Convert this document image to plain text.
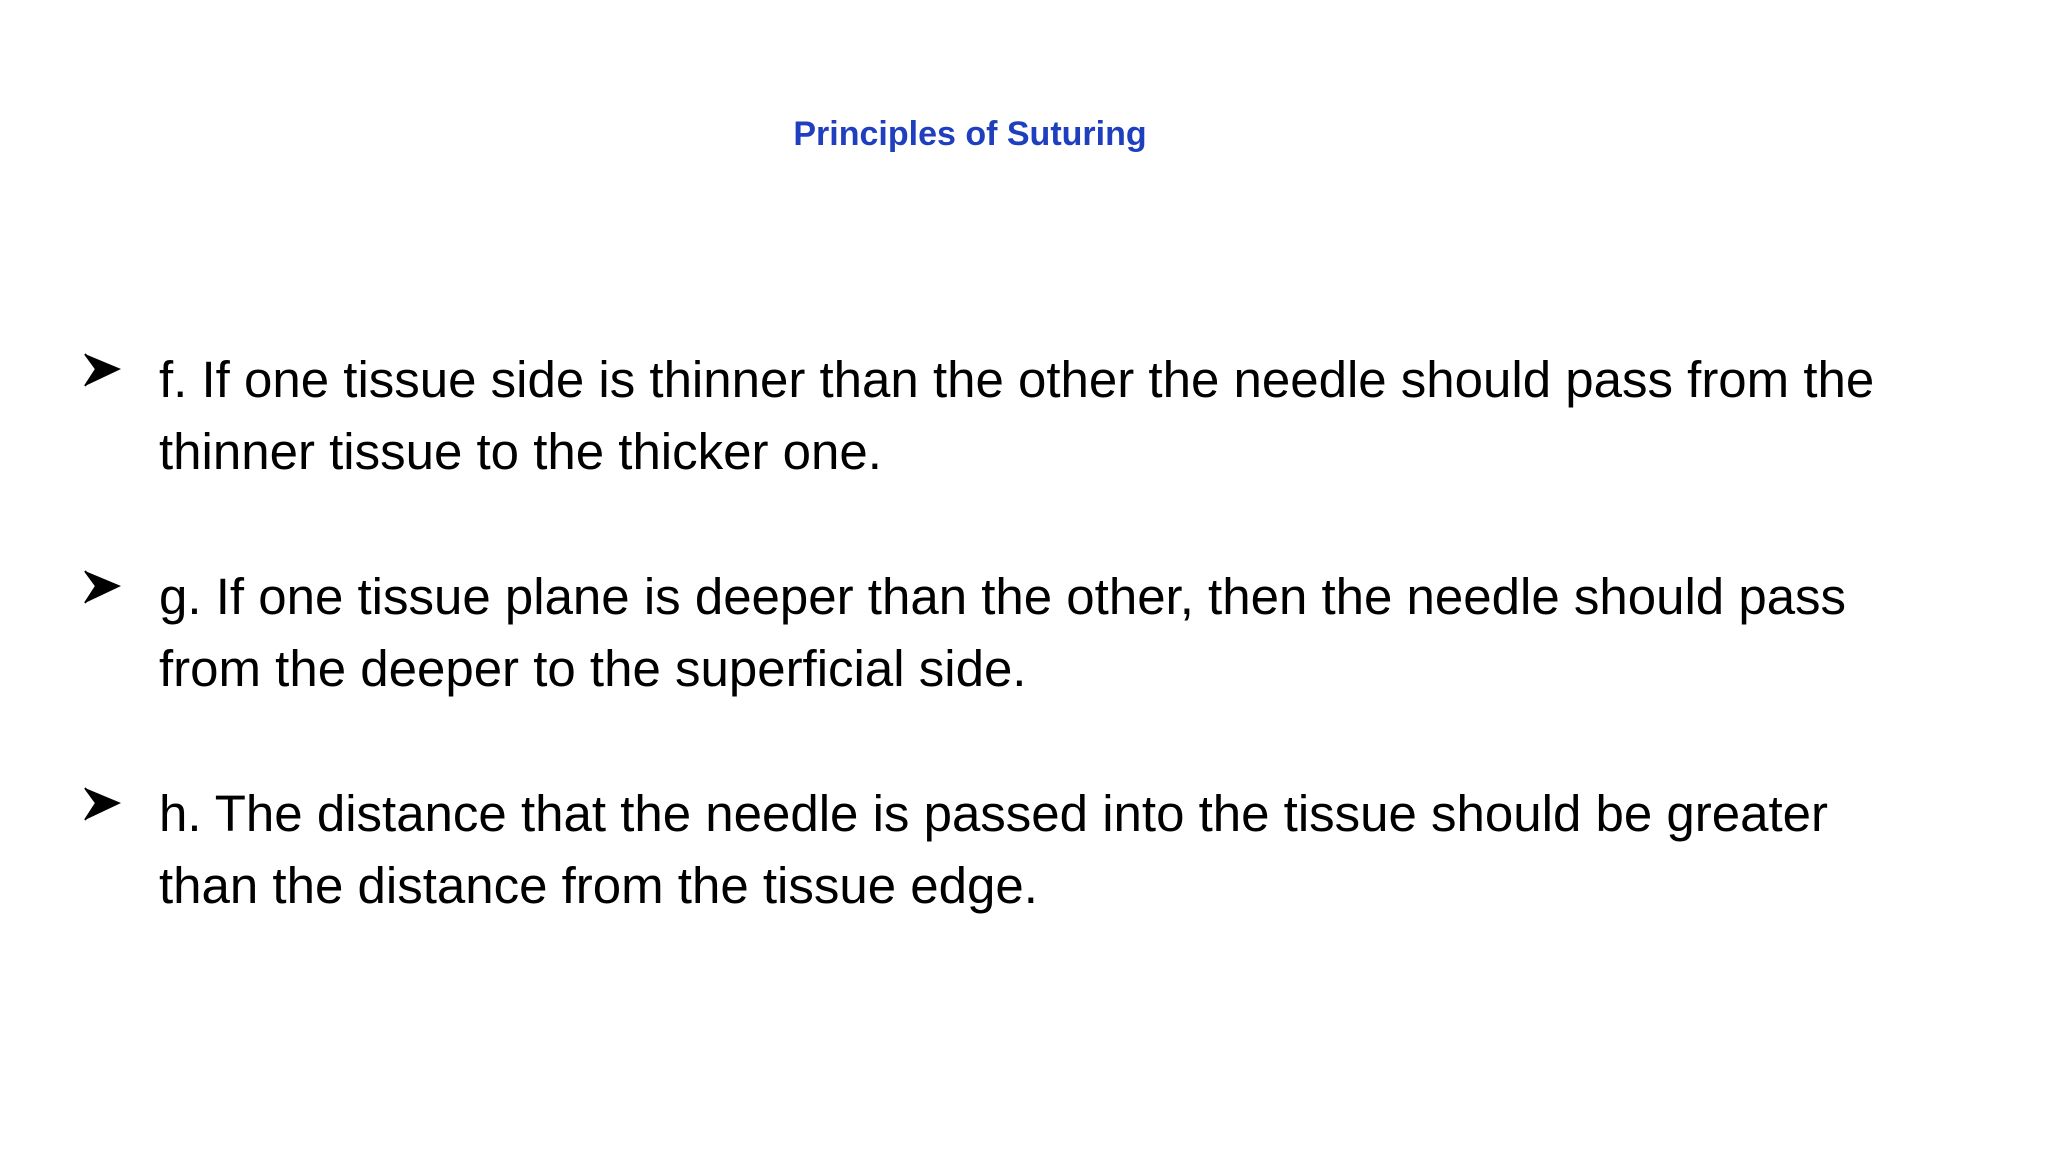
Principles of Suturing
f. If one tissue side is thinner than the other the needle should pass from the thinner tissue to the thicker one.
g. If one tissue plane is deeper than the other, then the needle should pass from the deeper to the superficial side.
h. The distance that the needle is passed into the tissue should be greater than the distance from the tissue edge.
